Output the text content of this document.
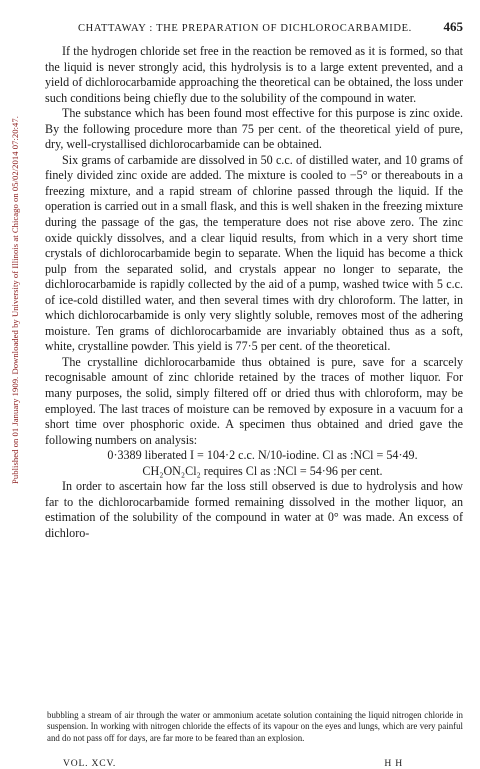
Published on 01 January 1909. Downloaded by University of Illinois at Chicago on 05/02/2014 07:20:47.
CHATTAWAY : THE PREPARATION OF DICHLOROCARBAMIDE. 465

If the hydrogen chloride set free in the reaction be removed as it is formed, so that the liquid is never strongly acid, this hydrolysis is to a large extent prevented, and a yield of dichlorocarbamide approaching the theoretical can be obtained, the loss under such conditions being chiefly due to the solubility of the compound in water.

The substance which has been found most effective for this purpose is zinc oxide. By the following procedure more than 75 per cent. of the theoretical yield of pure, dry, well-crystallised dichlorocarbamide can be obtained.

Six grams of carbamide are dissolved in 50 c.c. of distilled water, and 10 grams of finely divided zinc oxide are added. The mixture is cooled to −5° or thereabouts in a freezing mixture, and a rapid stream of chlorine passed through the liquid. If the operation is carried out in a small flask, and this is well shaken in the freezing mixture during the passage of the gas, the temperature does not rise above zero. The zinc oxide quickly dissolves, and a clear liquid results, from which in a very short time crystals of dichlorocarbamide begin to separate. When the liquid has become a thick pulp from the separated solid, and crystals appear no longer to separate, the dichlorocarbamide is rapidly collected by the aid of a pump, washed twice with 5 c.c. of ice-cold distilled water, and then several times with dry chloroform. The latter, in which dichlorocarbamide is only very slightly soluble, removes most of the adhering moisture. Ten grams of dichlorocarbamide are invariably obtained thus as a soft, white, crystalline powder. This yield is 77·5 per cent. of the theoretical.

The crystalline dichlorocarbamide thus obtained is pure, save for a scarcely recognisable amount of zinc chloride retained by the traces of mother liquor. For many purposes, the solid, simply filtered off or dried thus with chloroform, may be employed. The last traces of moisture can be removed by exposure in a vacuum for a short time over phosphoric oxide. A specimen thus obtained and dried gave the following numbers on analysis:

0·3389 liberated I = 104·2 c.c. N/10-iodine. Cl as :NCl = 54·49.

CH₂ON₂Cl₂ requires Cl as :NCl = 54·96 per cent.

In order to ascertain how far the loss still observed is due to hydrolysis and how far to the dichlorocarbamide formed remaining dissolved in the mother liquor, an estimation of the solubility of the compound in water at 0° was made. An excess of dichloro-

bubbling a stream of air through the water or ammonium acetate solution containing the liquid nitrogen chloride in suspension. In working with nitrogen chloride the effects of its vapour on the eyes and lungs, which are very painful and do not pass off for days, are far more to be feared than an explosion.

VOL. XCV.	H H
